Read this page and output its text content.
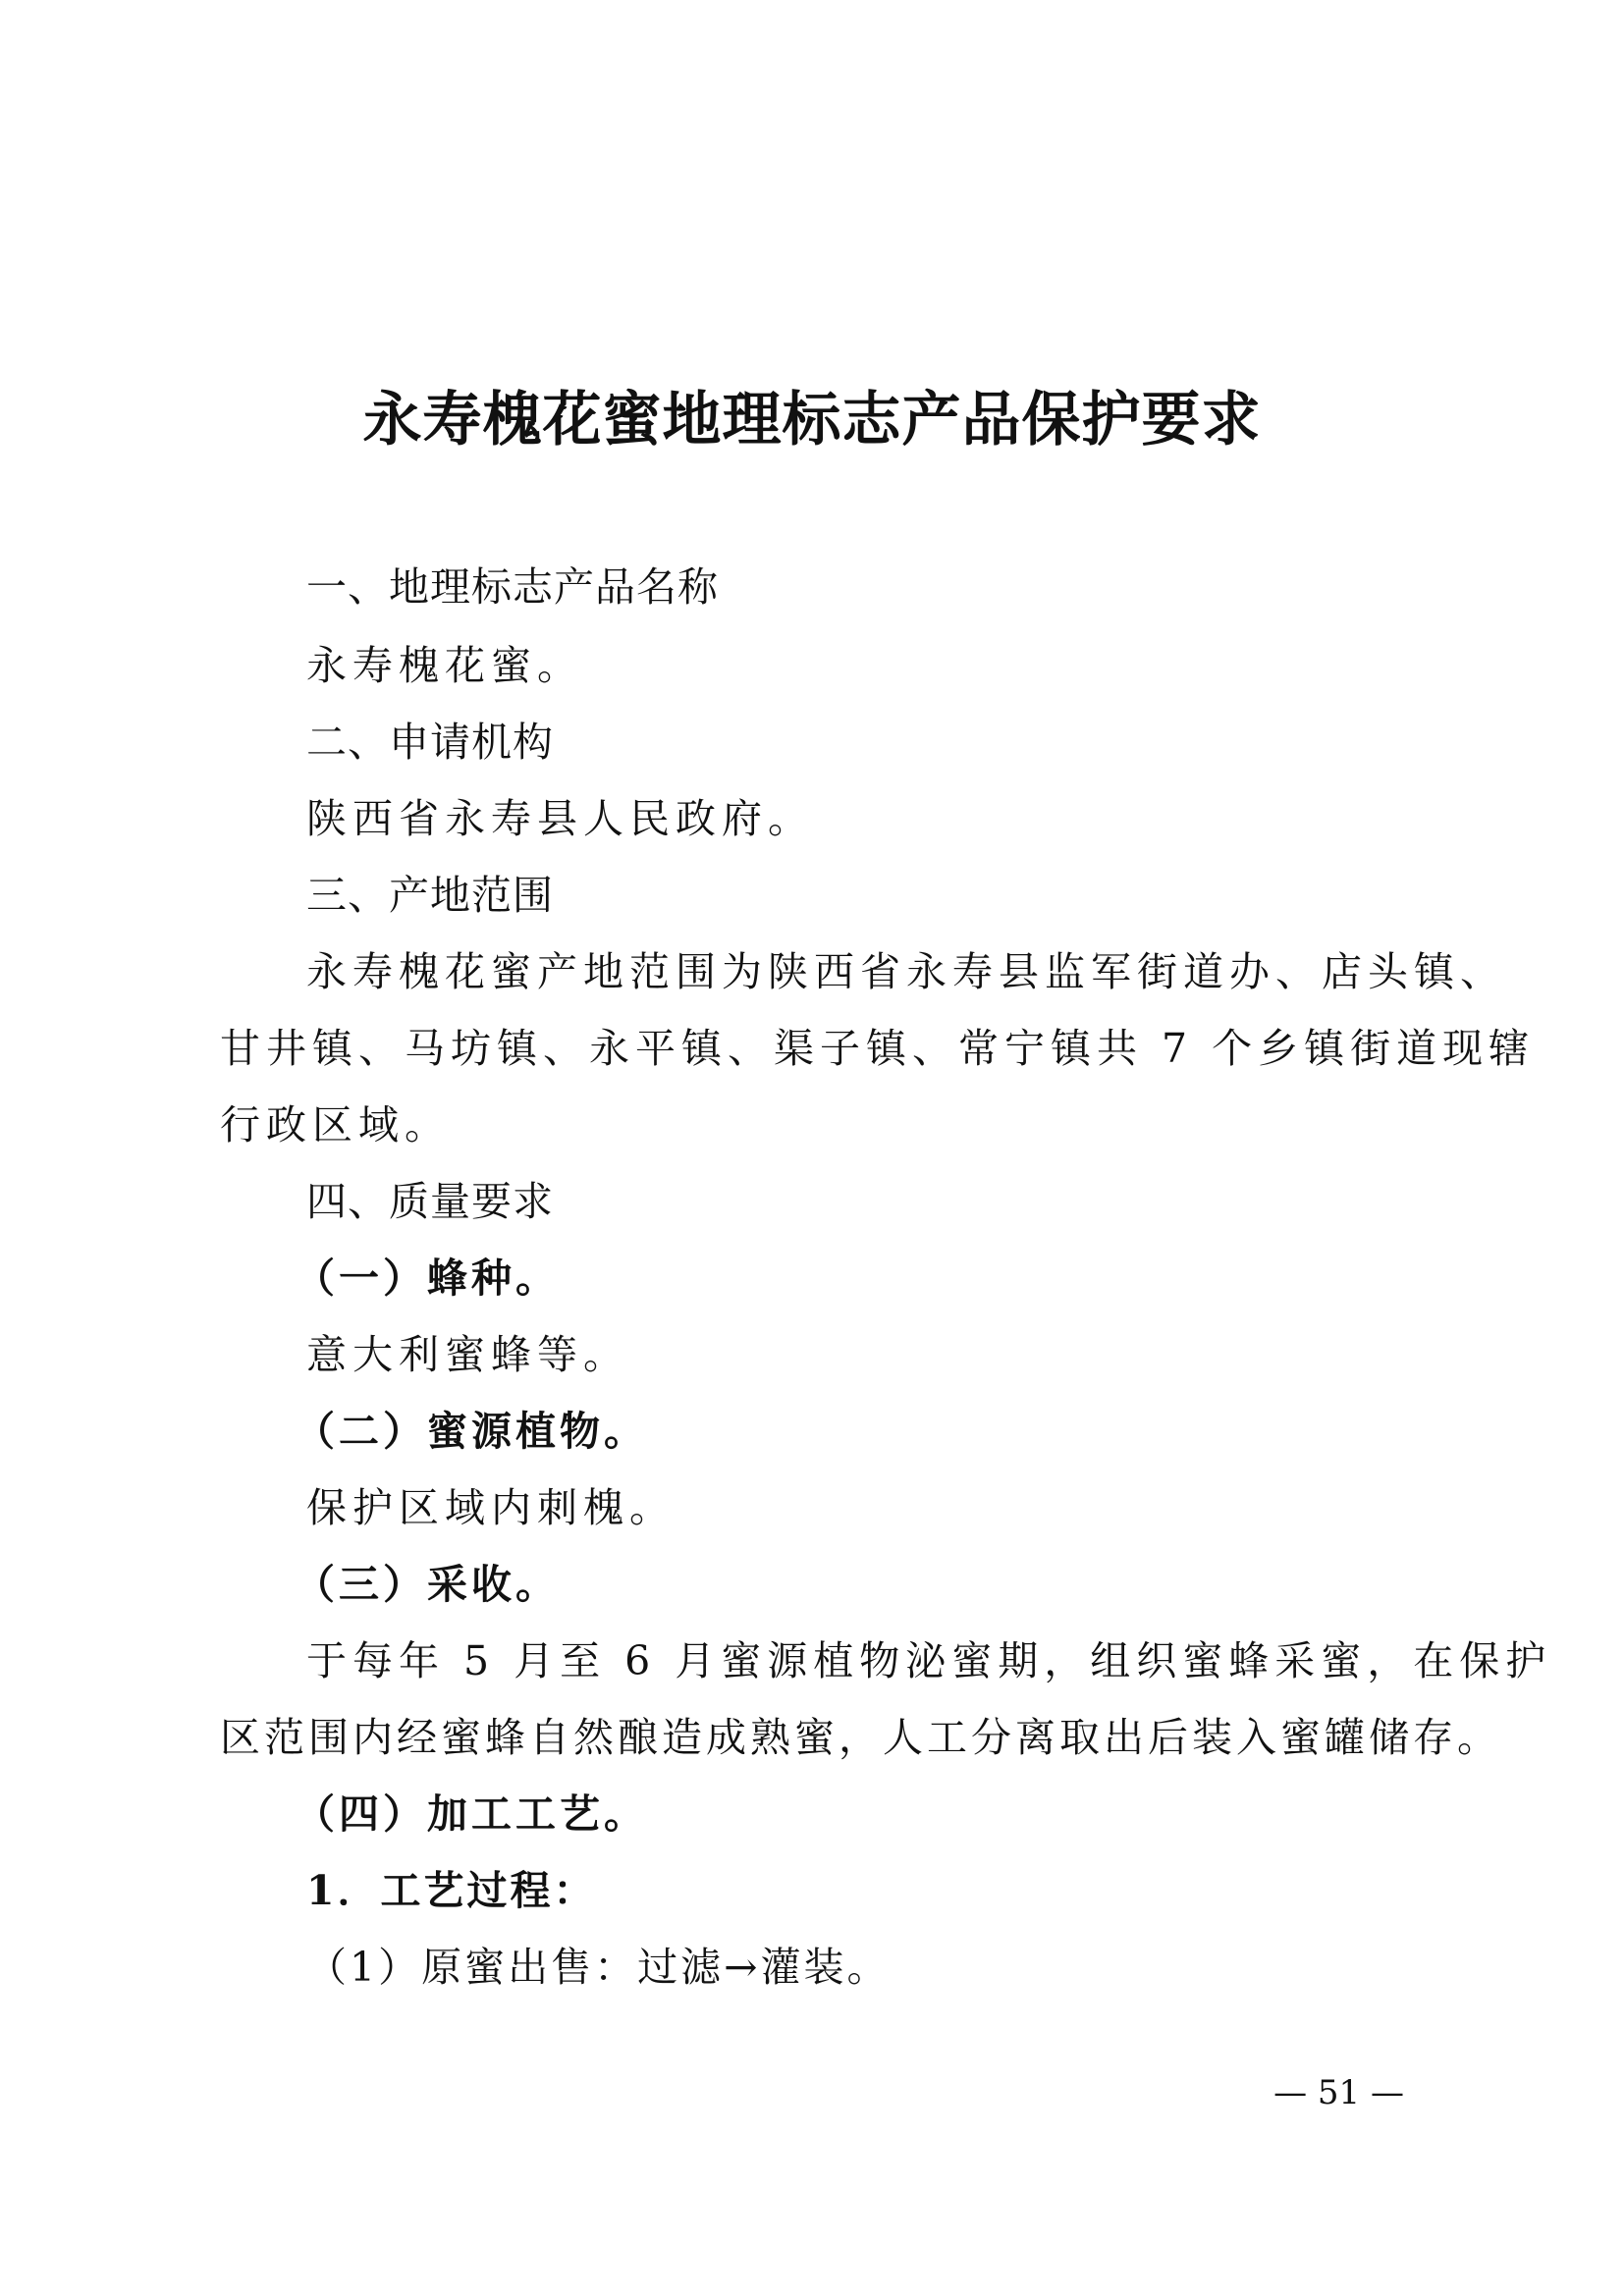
永寿槐花蜜地理标志产品保护要求
一、地理标志产品名称
永寿槐花蜜。
二、申请机构
陕西省永寿县人民政府。
三、产地范围
永寿槐花蜜产地范围为陕西省永寿县监军街道办、店头镇、
甘井镇、马坊镇、永平镇、渠子镇、常宁镇共 7 个乡镇街道现辖
行政区域。
四、质量要求
（一）蜂种。
意大利蜜蜂等。
（二）蜜源植物。
保护区域内刺槐。
（三）采收。
于每年 5 月至 6 月蜜源植物泌蜜期，组织蜜蜂采蜜，在保护
区范围内经蜜蜂自然酿造成熟蜜，人工分离取出后装入蜜罐储存。
（四）加工工艺。
1．工艺过程：
（1）原蜜出售：过滤→灌装。
— 51 —
